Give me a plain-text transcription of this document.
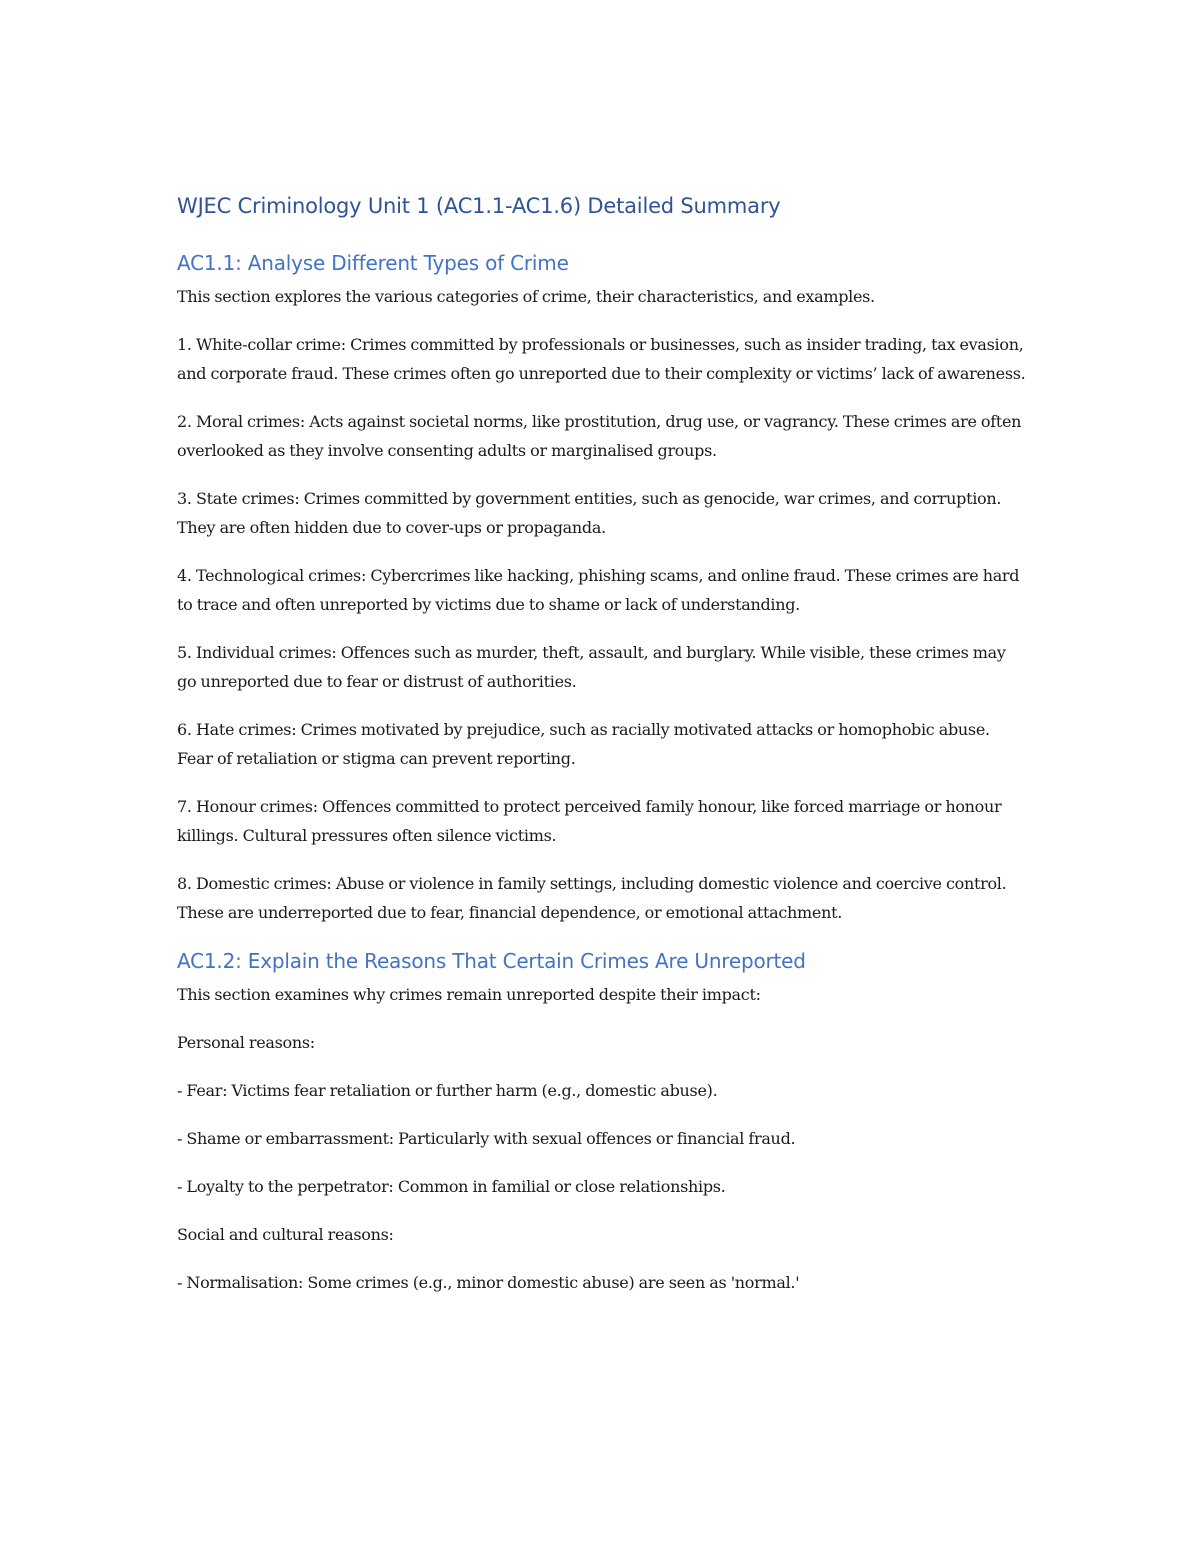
WJEC Criminology Unit 1 (AC1.1-AC1.6) Detailed Summary
AC1.1: Analyse Different Types of Crime

This section explores the various categories of crime, their characteristics, and examples.

1. White-collar crime: Crimes committed by professionals or businesses, such as insider trading, tax evasion, and corporate fraud. These crimes often go unreported due to their complexity or victims’ lack of awareness.

2. Moral crimes: Acts against societal norms, like prostitution, drug use, or vagrancy. These crimes are often overlooked as they involve consenting adults or marginalised groups.

3. State crimes: Crimes committed by government entities, such as genocide, war crimes, and corruption. They are often hidden due to cover-ups or propaganda.

4. Technological crimes: Cybercrimes like hacking, phishing scams, and online fraud. These crimes are hard to trace and often unreported by victims due to shame or lack of understanding.

5. Individual crimes: Offences such as murder, theft, assault, and burglary. While visible, these crimes may go unreported due to fear or distrust of authorities.

6. Hate crimes: Crimes motivated by prejudice, such as racially motivated attacks or homophobic abuse. Fear of retaliation or stigma can prevent reporting.

7. Honour crimes: Offences committed to protect perceived family honour, like forced marriage or honour killings. Cultural pressures often silence victims.

8. Domestic crimes: Abuse or violence in family settings, including domestic violence and coercive control. These are underreported due to fear, financial dependence, or emotional attachment.

AC1.2: Explain the Reasons That Certain Crimes Are Unreported

This section examines why crimes remain unreported despite their impact:

Personal reasons:

- Fear: Victims fear retaliation or further harm (e.g., domestic abuse).

- Shame or embarrassment: Particularly with sexual offences or financial fraud.

- Loyalty to the perpetrator: Common in familial or close relationships.

Social and cultural reasons:

- Normalisation: Some crimes (e.g., minor domestic abuse) are seen as 'normal.'
